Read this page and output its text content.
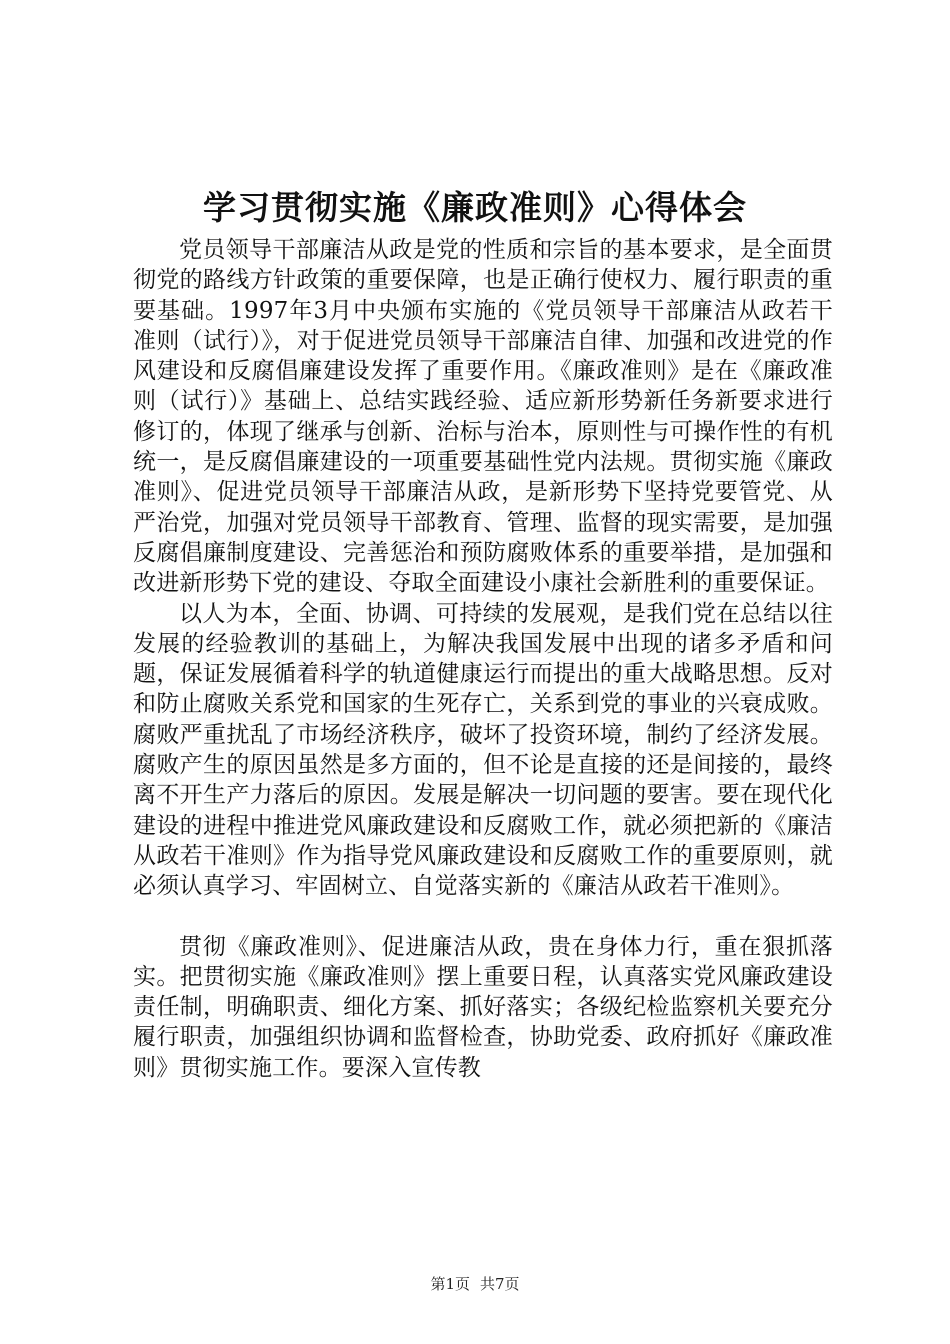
学习贯彻实施《廉政准则》心得体会

党员领导干部廉洁从政是党的性质和宗旨的基本要求，是全面贯彻党的路线方针政策的重要保障，也是正确行使权力、履行职责的重要基础。1997年3月中央颁布实施的《党员领导干部廉洁从政若干准则（试行）》，对于促进党员领导干部廉洁自律、加强和改进党的作风建设和反腐倡廉建设发挥了重要作用。《廉政准则》是在《廉政准则（试行）》基础上、总结实践经验、适应新形势新任务新要求进行修订的，体现了继承与创新、治标与治本，原则性与可操作性的有机统一，是反腐倡廉建设的一项重要基础性党内法规。贯彻实施《廉政准则》、促进党员领导干部廉洁从政，是新形势下坚持党要管党、从严治党，加强对党员领导干部教育、管理、监督的现实需要，是加强反腐倡廉制度建设、完善惩治和预防腐败体系的重要举措，是加强和改进新形势下党的建设、夺取全面建设小康社会新胜利的重要保证。

以人为本，全面、协调、可持续的发展观，是我们党在总结以往发展的经验教训的基础上，为解决我国发展中出现的诸多矛盾和问题，保证发展循着科学的轨道健康运行而提出的重大战略思想。反对和防止腐败关系党和国家的生死存亡，关系到党的事业的兴衰成败。腐败严重扰乱了市场经济秩序，破坏了投资环境，制约了经济发展。腐败产生的原因虽然是多方面的，但不论是直接的还是间接的，最终离不开生产力落后的原因。发展是解决一切问题的要害。要在现代化建设的进程中推进党风廉政建设和反腐败工作，就必须把新的《廉洁从政若干准则》作为指导党风廉政建设和反腐败工作的重要原则，就必须认真学习、牢固树立、自觉落实新的《廉洁从政若干准则》。

贯彻《廉政准则》、促进廉洁从政，贵在身体力行，重在狠抓落实。把贯彻实施《廉政准则》摆上重要日程，认真落实党风廉政建设责任制，明确职责、细化方案、抓好落实；各级纪检监察机关要充分履行职责，加强组织协调和监督检查，协助党委、政府抓好《廉政准则》贯彻实施工作。要深入宣传教

第1页 共7页
